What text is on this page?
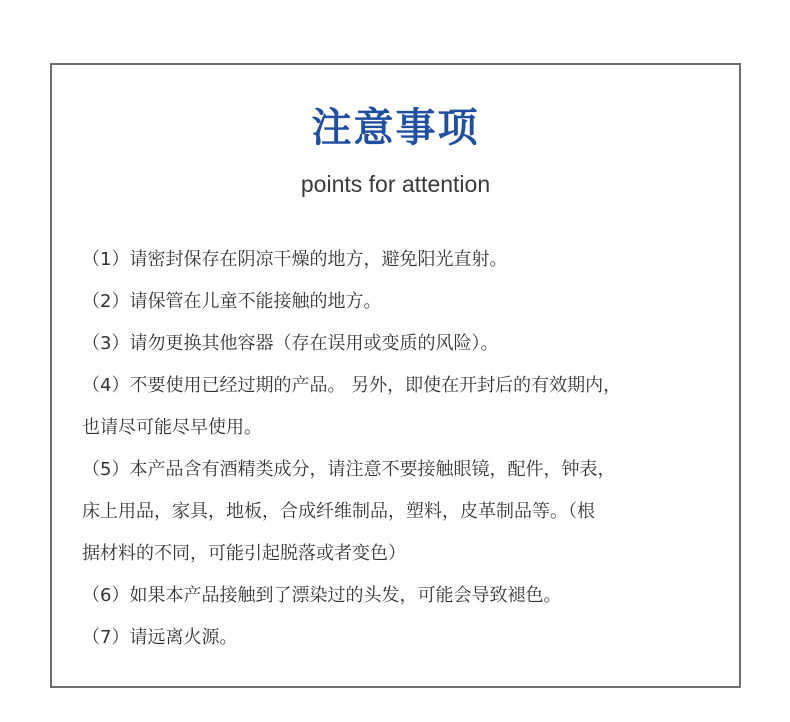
注意事项
points for attention
（1）请密封保存在阴凉干燥的地方，避免阳光直射。
（2）请保管在儿童不能接触的地方。
（3）请勿更换其他容器（存在误用或变质的风险）。
（4）不要使用已经过期的产品。 另外，即使在开封后的有效期内，
也请尽可能尽早使用。
（5）本产品含有酒精类成分，请注意不要接触眼镜，配件，钟表，
床上用品，家具，地板，合成纤维制品，塑料，皮革制品等。（根
据材料的不同，可能引起脱落或者变色）
（6）如果本产品接触到了漂染过的头发，可能会导致褪色。
（7）请远离火源。
